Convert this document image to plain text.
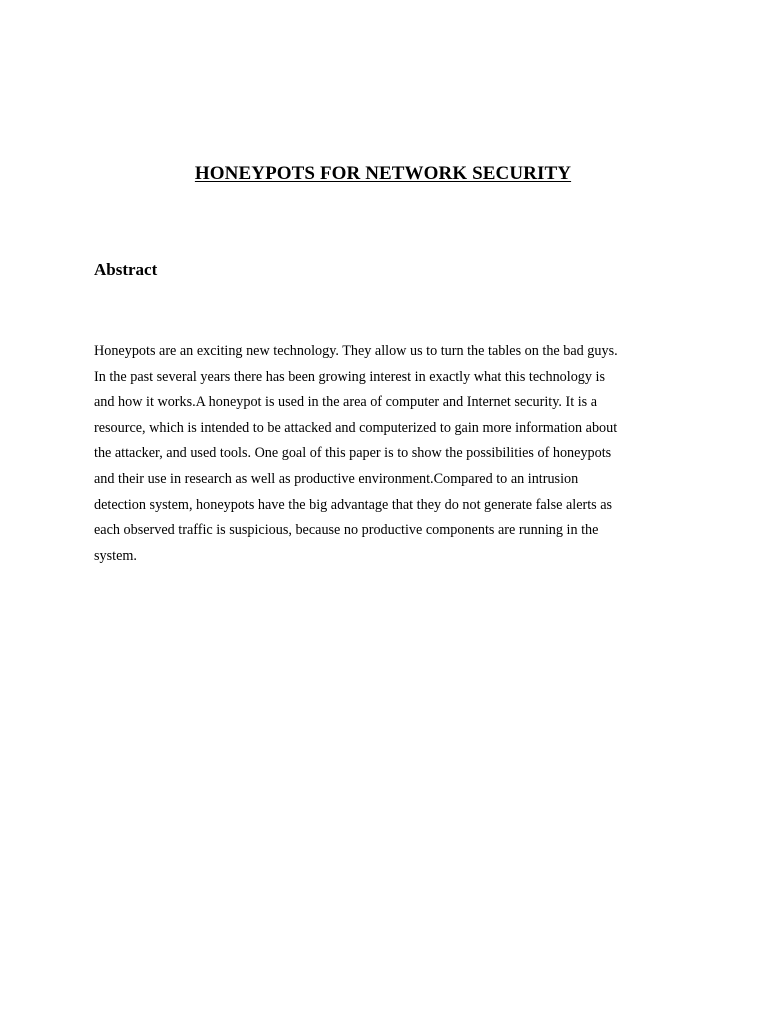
HONEYPOTS FOR NETWORK SECURITY
Abstract

Honeypots are an exciting new technology. They allow us to turn the tables on the bad guys.
In the past several years there has been growing interest in exactly what this technology is
and how it works.A honeypot is used in the area of computer and Internet security. It is a
resource, which is intended to be attacked and computerized to gain more information about
the attacker, and used tools. One goal of this paper is to show the possibilities of honeypots
and their use in research as well as productive environment.Compared to an intrusion
detection system, honeypots have the big advantage that they do not generate false alerts as
each observed traffic is suspicious, because no productive components are running in the
system.
